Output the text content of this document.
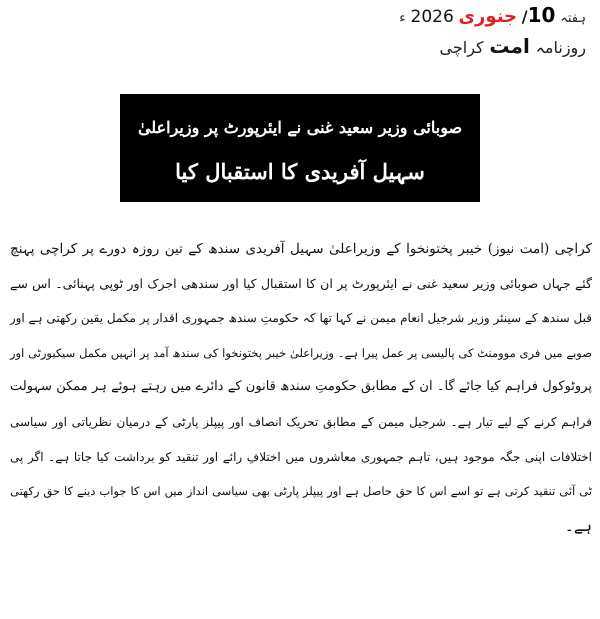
ہفتہ 10/ جنوری 2026 ء
روزنامہ امت کراچی
صوبائی وزیر سعید غنی نے ایئرپورٹ پر وزیراعلیٰ
سہیل آفریدی کا استقبال کیا
کراچی (امت نیوز) خیبر پختونخوا کے وزیراعلیٰ سہیل آفریدی سندھ کے تین روزہ دورے پر کراچی پہنچ
گئے جہاں صوبائی وزیر سعید غنی نے ایئرپورٹ پر ان کا استقبال کیا اور سندھی اجرک اور ٹوپی پہنائی۔ اس سے
قبل سندھ کے سینئر وزیر شرجیل انعام میمن نے کہا تھا کہ حکومتِ سندھ جمہوری اقدار پر مکمل یقین رکھتی ہے اور
صوبے میں فری موومنٹ کی پالیسی پر عمل پیرا ہے۔ وزیراعلیٰ خیبر پختونخوا کی سندھ آمد پر انہیں مکمل سیکیورٹی اور
پروٹوکول فراہم کیا جائے گا۔ ان کے مطابق حکومتِ سندھ قانون کے دائرے میں رہتے ہوئے ہر ممکن سہولت
فراہم کرنے کے لیے تیار ہے۔ شرجیل میمن کے مطابق تحریک انصاف اور پیپلز پارٹی کے درمیان نظریاتی اور سیاسی
اختلافات اپنی جگہ موجود ہیں، تاہم جمہوری معاشروں میں اختلافِ رائے اور تنقید کو برداشت کیا جاتا ہے۔ اگر پی
ٹی آئی تنقید کرتی ہے تو اسے اس کا حق حاصل ہے اور پیپلز پارٹی بھی سیاسی انداز میں اس کا جواب دینے کا حق رکھتی
ہے۔
